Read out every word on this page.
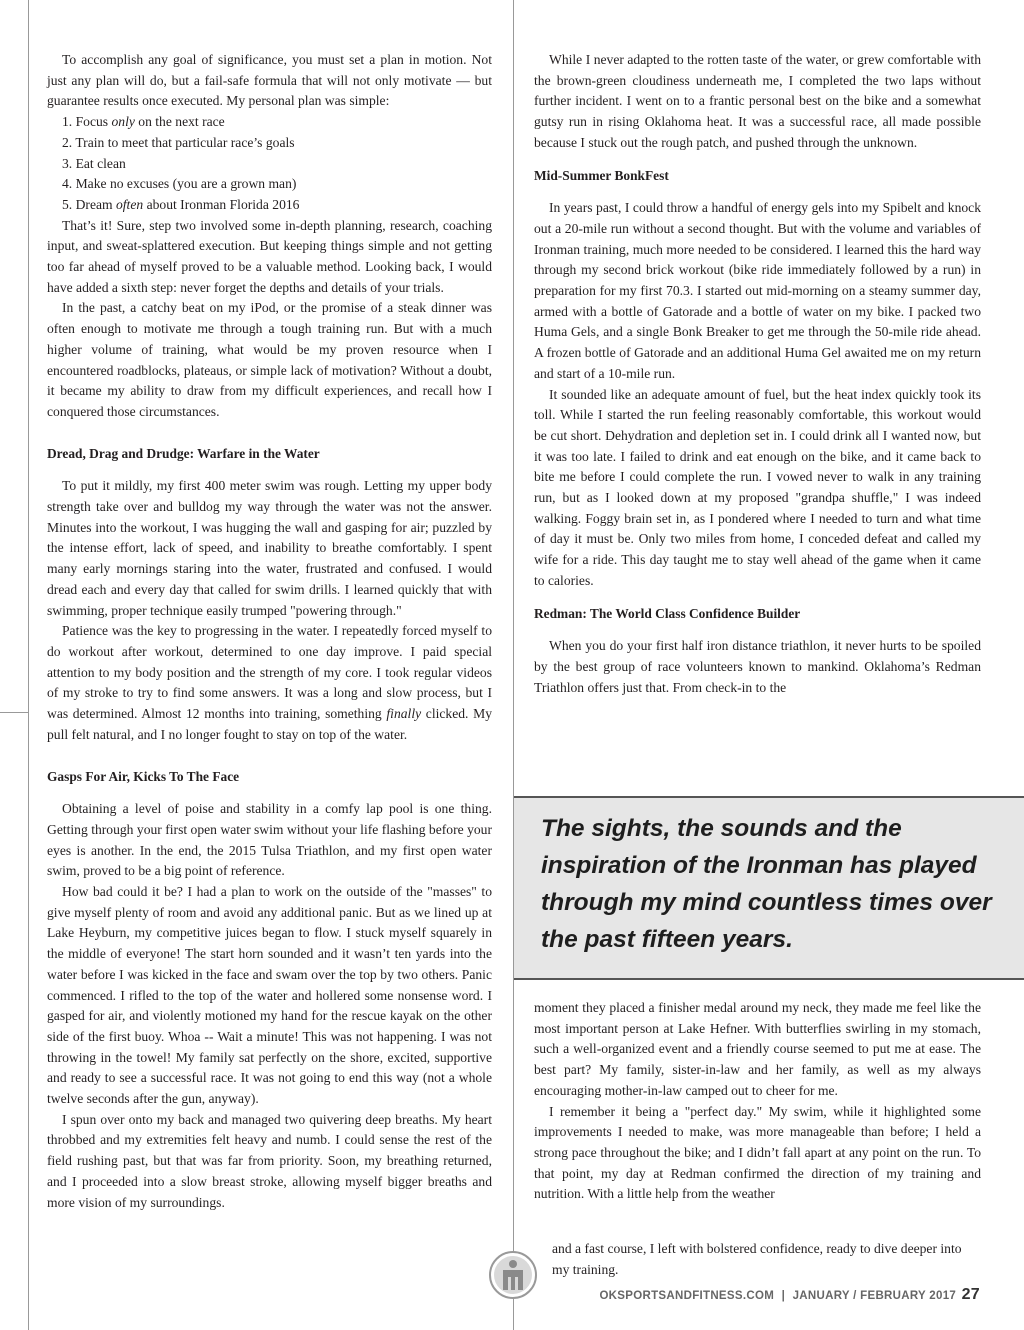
To accomplish any goal of significance, you must set a plan in motion. Not just any plan will do, but a fail-safe formula that will not only motivate — but guarantee results once executed. My personal plan was simple:

1. Focus only on the next race
2. Train to meet that particular race’s goals
3. Eat clean
4. Make no excuses (you are a grown man)
5. Dream often about Ironman Florida 2016

That’s it! Sure, step two involved some in-depth planning, research, coaching input, and sweat-splattered execution. But keeping things simple and not getting too far ahead of myself proved to be a valuable method. Looking back, I would have added a sixth step: never forget the depths and details of your trials.

In the past, a catchy beat on my iPod, or the promise of a steak dinner was often enough to motivate me through a tough training run. But with a much higher volume of training, what would be my proven resource when I encountered roadblocks, plateaus, or simple lack of motivation? Without a doubt, it became my ability to draw from my difficult experiences, and recall how I conquered those circumstances.

Dread, Drag and Drudge: Warfare in the Water

To put it mildly, my first 400 meter swim was rough. Letting my upper body strength take over and bulldog my way through the water was not the answer. Minutes into the workout, I was hugging the wall and gasping for air; puzzled by the intense effort, lack of speed, and inability to breathe comfortably. I spent many early mornings staring into the water, frustrated and confused. I would dread each and every day that called for swim drills. I learned quickly that with swimming, proper technique easily trumped "powering through."

Patience was the key to progressing in the water. I repeatedly forced myself to do workout after workout, determined to one day improve. I paid special attention to my body position and the strength of my core. I took regular videos of my stroke to try to find some answers. It was a long and slow process, but I was determined. Almost 12 months into training, something finally clicked. My pull felt natural, and I no longer fought to stay on top of the water.

Gasps For Air, Kicks To The Face

Obtaining a level of poise and stability in a comfy lap pool is one thing. Getting through your first open water swim without your life flashing before your eyes is another. In the end, the 2015 Tulsa Triathlon, and my first open water swim, proved to be a big point of reference.

How bad could it be? I had a plan to work on the outside of the "masses" to give myself plenty of room and avoid any additional panic. But as we lined up at Lake Heyburn, my competitive juices began to flow. I stuck myself squarely in the middle of everyone! The start horn sounded and it wasn’t ten yards into the water before I was kicked in the face and swam over the top by two others. Panic commenced. I rifled to the top of the water and hollered some nonsense word. I gasped for air, and violently motioned my hand for the rescue kayak on the other side of the first buoy. Whoa -- Wait a minute! This was not happening. I was not throwing in the towel! My family sat perfectly on the shore, excited, supportive and ready to see a successful race. It was not going to end this way (not a whole twelve seconds after the gun, anyway).

I spun over onto my back and managed two quivering deep breaths. My heart throbbed and my extremities felt heavy and numb. I could sense the rest of the field rushing past, but that was far from priority. Soon, my breathing returned, and I proceeded into a slow breast stroke, allowing myself bigger breaths and more vision of my surroundings.

While I never adapted to the rotten taste of the water, or grew comfortable with the brown-green cloudiness underneath me, I completed the two laps without further incident. I went on to a frantic personal best on the bike and a somewhat gutsy run in rising Oklahoma heat. It was a successful race, all made possible because I stuck out the rough patch, and pushed through the unknown.

Mid-Summer BonkFest

In years past, I could throw a handful of energy gels into my Spibelt and knock out a 20-mile run without a second thought. But with the volume and variables of Ironman training, much more needed to be considered. I learned this the hard way through my second brick workout (bike ride immediately followed by a run) in preparation for my first 70.3. I started out mid-morning on a steamy summer day, armed with a bottle of Gatorade and a bottle of water on my bike. I packed two Huma Gels, and a single Bonk Breaker to get me through the 50-mile ride ahead. A frozen bottle of Gatorade and an additional Huma Gel awaited me on my return and start of a 10-mile run.

It sounded like an adequate amount of fuel, but the heat index quickly took its toll. While I started the run feeling reasonably comfortable, this workout would be cut short. Dehydration and depletion set in. I could drink all I wanted now, but it was too late. I failed to drink and eat enough on the bike, and it came back to bite me before I could complete the run. I vowed never to walk in any training run, but as I looked down at my proposed "grandpa shuffle," I was indeed walking. Foggy brain set in, as I pondered where I needed to turn and what time of day it must be. Only two miles from home, I conceded defeat and called my wife for a ride. This day taught me to stay well ahead of the game when it came to calories.

Redman: The World Class Confidence Builder

When you do your first half iron distance triathlon, it never hurts to be spoiled by the best group of race volunteers known to mankind. Oklahoma’s Redman Triathlon offers just that. From check-in to the

The sights, the sounds and the inspiration of the Ironman has played through my mind countless times over the past fifteen years.

moment they placed a finisher medal around my neck, they made me feel like the most important person at Lake Hefner. With butterflies swirling in my stomach, such a well-organized event and a friendly course seemed to put me at ease. The best part? My family, sister-in-law and her family, as well as my always encouraging mother-in-law camped out to cheer for me.

I remember it being a "perfect day." My swim, while it highlighted some improvements I needed to make, was more manageable than before; I held a strong pace throughout the bike; and I didn’t fall apart at any point on the run. To that point, my day at Redman confirmed the direction of my training and nutrition. With a little help from the weather

and a fast course, I left with bolstered confidence, ready to dive deeper into my training.

OKSPORTSANDFITNESS.COM | JANUARY / FEBRUARY 2017 27
